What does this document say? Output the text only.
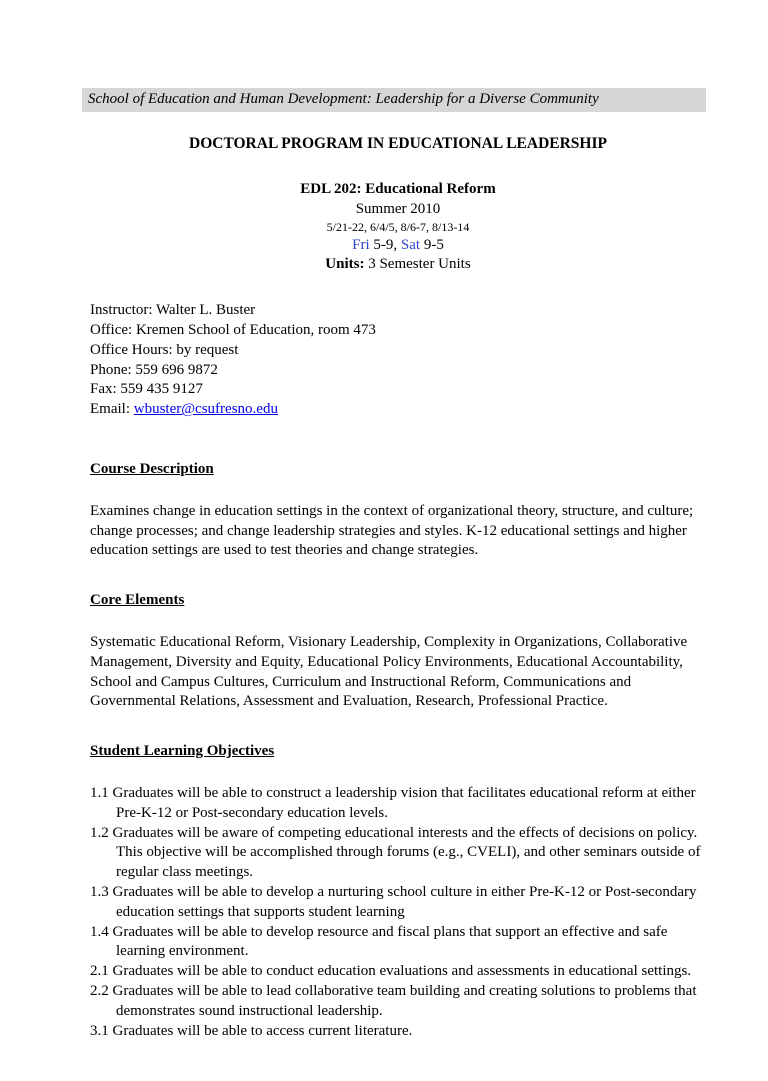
School of Education and Human Development: Leadership for a Diverse Community
DOCTORAL PROGRAM IN EDUCATIONAL LEADERSHIP
EDL 202: Educational Reform
Summer 2010
5/21-22, 6/4/5, 8/6-7, 8/13-14
Fri 5-9, Sat 9-5
Units: 3 Semester Units
Instructor: Walter L. Buster
Office: Kremen School of Education, room 473
Office Hours: by request
Phone: 559 696 9872
Fax: 559 435 9127
Email: wbuster@csufresno.edu
Course Description

Examines change in education settings in the context of organizational theory, structure, and culture; change processes; and change leadership strategies and styles. K-12 educational settings and higher education settings are used to test theories and change strategies.

Core Elements

Systematic Educational Reform, Visionary Leadership, Complexity in Organizations, Collaborative Management, Diversity and Equity, Educational Policy Environments, Educational Accountability, School and Campus Cultures, Curriculum and Instructional Reform, Communications and Governmental Relations, Assessment and Evaluation, Research, Professional Practice.

Student Learning Objectives
1.1 Graduates will be able to construct a leadership vision that facilitates educational reform at either Pre-K-12 or Post-secondary education levels.
1.2 Graduates will be aware of competing educational interests and the effects of decisions on policy. This objective will be accomplished through forums (e.g., CVELI), and other seminars outside of regular class meetings.
1.3 Graduates will be able to develop a nurturing school culture in either Pre-K-12 or Post-secondary education settings that supports student learning
1.4 Graduates will be able to develop resource and fiscal plans that support an effective and safe learning environment.
2.1 Graduates will be able to conduct education evaluations and assessments in educational settings.
2.2 Graduates will be able to lead collaborative team building and creating solutions to problems that demonstrates sound instructional leadership.
3.1 Graduates will be able to access current literature.
